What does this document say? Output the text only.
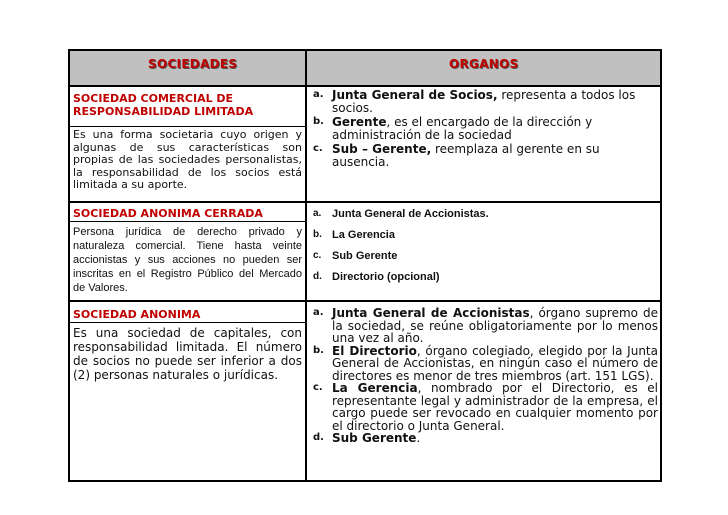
SOCIEDADES	ORGANOS
SOCIEDAD COMERCIAL DE RESPONSABILIDAD LIMITADA
Es una forma societaria cuyo origen y algunas de sus características son propias de las sociedades personalistas, la responsabilidad de los socios está limitada a su aporte.
a. Junta General de Socios, representa a todos los socios.
b. Gerente, es el encargado de la dirección y administración de la sociedad
c. Sub – Gerente, reemplaza al gerente en su ausencia.
SOCIEDAD ANONIMA CERRADA
Persona jurídica de derecho privado y naturaleza comercial. Tiene hasta veinte accionistas y sus acciones no pueden ser inscritas en el Registro Público del Mercado de Valores.
a. Junta General de Accionistas.
b. La Gerencia
c. Sub Gerente
d. Directorio (opcional)
SOCIEDAD ANONIMA
Es una sociedad de capitales, con responsabilidad limitada. El número de socios no puede ser inferior a dos (2) personas naturales o jurídicas.
a. Junta General de Accionistas, órgano supremo de la sociedad, se reúne obligatoriamente por lo menos una vez al año.
b. El Directorio, órgano colegiado, elegido por la Junta General de Accionistas, en ningún caso el número de directores es menor de tres miembros (art. 151 LGS).
c. La Gerencia, nombrado por el Directorio, es el representante legal y administrador de la empresa, el cargo puede ser revocado en cualquier momento por el directorio o Junta General.
d. Sub Gerente.
